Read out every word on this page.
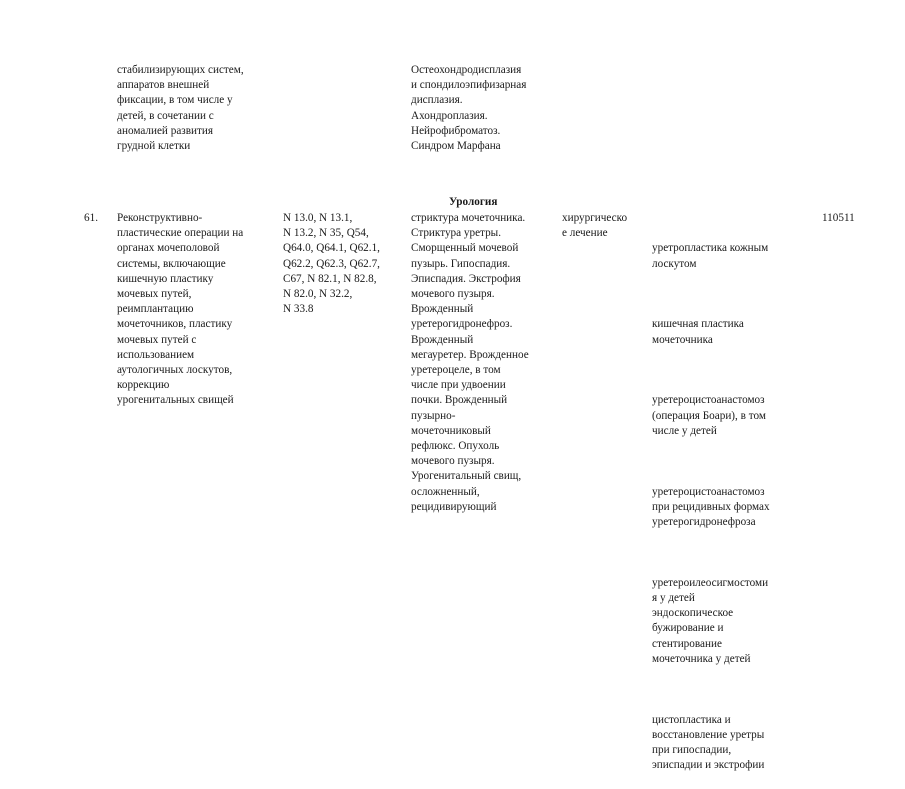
стабилизирующих систем,
аппаратов внешней
фиксации, в том числе у
детей, в сочетании с
аномалией развития
грудной клетки
Остеохондродисплазия
и спондилоэпифизарная
дисплазия.
Ахондроплазия.
Нейрофиброматоз.
Синдром Марфана
Урология
61. Реконструктивно-
пластические операции на
органах мочеполовой
системы, включающие
кишечную пластику
мочевых путей,
реимплантацию
мочеточников, пластику
мочевых путей с
использованием
аутологичных лоскутов,
коррекцию
урогенитальных свищей
N 13.0, N 13.1,
N 13.2, N 35, Q54,
Q64.0, Q64.1, Q62.1,
Q62.2, Q62.3, Q62.7,
C67, N 82.1, N 82.8,
N 82.0, N 32.2,
N 33.8
стриктура мочеточника.
Стриктура уретры.
Сморщенный мочевой
пузырь. Гипоспадия.
Эписпадия. Экстрофия
мочевого пузыря.
Врожденный
уретерогидронефроз.
Врожденный
мегауретер. Врожденное
уретероцеле, в том
числе при удвоении
почки. Врожденный
пузырно-
мочеточниковый
рефлюкс. Опухоль
мочевого пузыря.
Урогенитальный свищ,
осложненный,
рецидивирующий
хирургическо
е лечение

уретропластика кожным
лоскутом

кишечная пластика
мочеточника

уретероцистоанастомоз
(операция Боари), в том
числе у детей

уретероцистоанастомоз
при рецидивных формах
уретерогидронефроза

уретероилеосигмостоми
я у детей
эндоскопическое
бужирование и
стентирование
мочеточника у детей

цистопластика и
восстановление уретры
при гипоспадии,
эписпадии и экстрофии

110511
